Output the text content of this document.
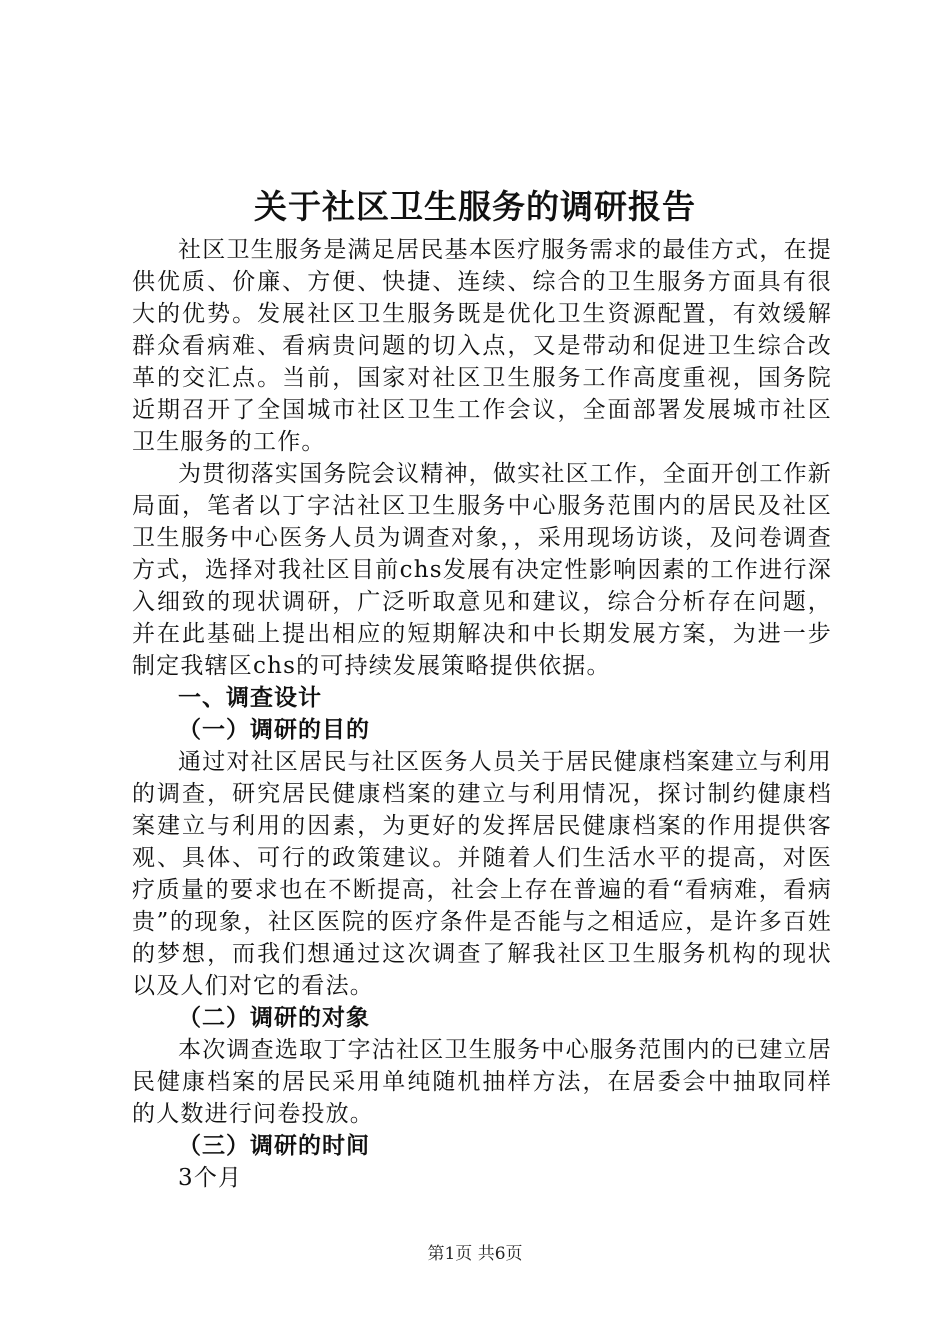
关于社区卫生服务的调研报告

社区卫生服务是满足居民基本医疗服务需求的最佳方式，在提供优质、价廉、方便、快捷、连续、综合的卫生服务方面具有很大的优势。发展社区卫生服务既是优化卫生资源配置，有效缓解群众看病难、看病贵问题的切入点，又是带动和促进卫生综合改革的交汇点。当前，国家对社区卫生服务工作高度重视，国务院近期召开了全国城市社区卫生工作会议，全面部署发展城市社区卫生服务的工作。

为贯彻落实国务院会议精神，做实社区工作，全面开创工作新局面，笔者以丁字沽社区卫生服务中心服务范围内的居民及社区卫生服务中心医务人员为调查对象，，采用现场访谈，及问卷调查方式，选择对我社区目前chs发展有决定性影响因素的工作进行深入细致的现状调研，广泛听取意见和建议，综合分析存在问题，并在此基础上提出相应的短期解决和中长期发展方案，为进一步制定我辖区chs的可持续发展策略提供依据。

一、调查设计

（一）调研的目的

通过对社区居民与社区医务人员关于居民健康档案建立与利用的调查，研究居民健康档案的建立与利用情况，探讨制约健康档案建立与利用的因素，为更好的发挥居民健康档案的作用提供客观、具体、可行的政策建议。并随着人们生活水平的提高，对医疗质量的要求也在不断提高，社会上存在普遍的看“看病难，看病贵”的现象，社区医院的医疗条件是否能与之相适应，是许多百姓的梦想，而我们想通过这次调查了解我社区卫生服务机构的现状以及人们对它的看法。

（二）调研的对象

本次调查选取丁字沽社区卫生服务中心服务范围内的已建立居民健康档案的居民采用单纯随机抽样方法，在居委会中抽取同样的人数进行问卷投放。

（三）调研的时间

3个月

第1页 共6页
